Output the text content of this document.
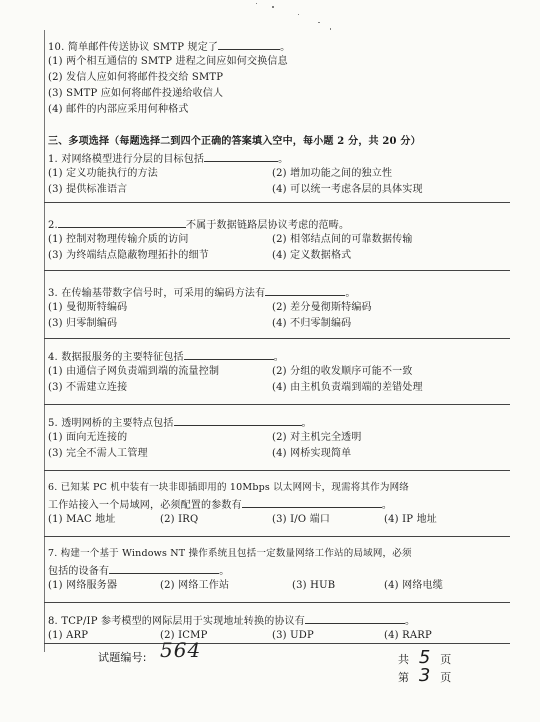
10. 简单邮件传送协议 SMTP 规定了	。
(1) 两个相互通信的 SMTP 进程之间应如何交换信息
(2) 发信人应如何将邮件投交给 SMTP
(3) SMTP 应如何将邮件投递给收信人
(4) 邮件的内部应采用何种格式
三、多项选择（每题选择二到四个正确的答案填入空中，每小题 2 分，共 20 分）
1. 对网络模型进行分层的目标包括	。
(1) 定义功能执行的方法	(2) 增加功能之间的独立性
(3) 提供标准语言	(4) 可以统一考虑各层的具体实现
2.	不属于数据链路层协议考虑的范畴。
(1) 控制对物理传输介质的访问	(2) 相邻结点间的可靠数据传输
(3) 为终端结点隐蔽物理拓扑的细节	(4) 定义数据格式
3. 在传输基带数字信号时，可采用的编码方法有	。
(1) 曼彻斯特编码	(2) 差分曼彻斯特编码
(3) 归零制编码	(4) 不归零制编码
4. 数据报服务的主要特征包括	。
(1) 由通信子网负责端到端的流量控制	(2) 分组的收发顺序可能不一致
(3) 不需建立连接	(4) 由主机负责端到端的差错处理
5. 透明网桥的主要特点包括	。
(1) 面向无连接的	(2) 对主机完全透明
(3) 完全不需人工管理	(4) 网桥实现简单
6. 已知某 PC 机中装有一块非即插即用的 10Mbps 以太网网卡，现需将其作为网络
工作站接入一个局域网，必须配置的参数有	。
(1) MAC 地址	(2) IRQ	(3) I/O 端口	(4) IP 地址
7. 构建一个基于 Windows NT 操作系统且包括一定数量网络工作站的局域网，必须
包括的设备有	。
(1) 网络服务器	(2) 网络工作站	(3) HUB	(4) 网络电缆
8. TCP/IP 参考模型的网际层用于实现地址转换的协议有	。
(1) ARP	(2) ICMP	(3) UDP	(4) RARP
试题编号: 564	共 5 页
第 3 页
